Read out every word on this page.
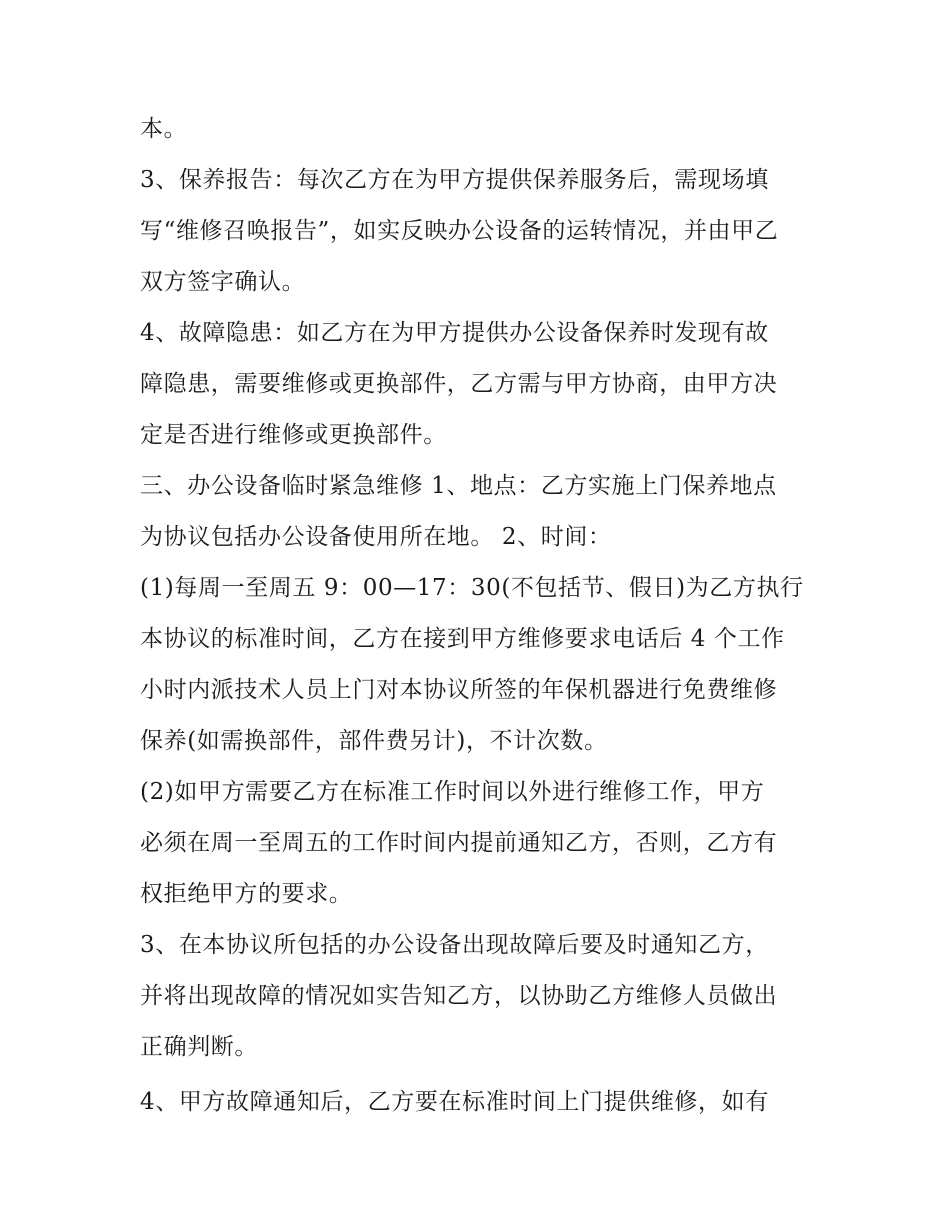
本。
3、保养报告：每次乙方在为甲方提供保养服务后，需现场填
写“维修召唤报告”，如实反映办公设备的运转情况，并由甲乙
双方签字确认。
4、故障隐患：如乙方在为甲方提供办公设备保养时发现有故
障隐患，需要维修或更换部件，乙方需与甲方协商，由甲方决
定是否进行维修或更换部件。
三、办公设备临时紧急维修 1、地点：乙方实施上门保养地点
为协议包括办公设备使用所在地。 2、时间：
(1)每周一至周五 9：00—17：30(不包括节、假日)为乙方执行
本协议的标准时间，乙方在接到甲方维修要求电话后 4 个工作
小时内派技术人员上门对本协议所签的年保机器进行免费维修
保养(如需换部件，部件费另计)，不计次数。
(2)如甲方需要乙方在标准工作时间以外进行维修工作，甲方
必须在周一至周五的工作时间内提前通知乙方，否则，乙方有
权拒绝甲方的要求。
3、在本协议所包括的办公设备出现故障后要及时通知乙方，
并将出现故障的情况如实告知乙方，以协助乙方维修人员做出
正确判断。
4、甲方故障通知后，乙方要在标准时间上门提供维修，如有
